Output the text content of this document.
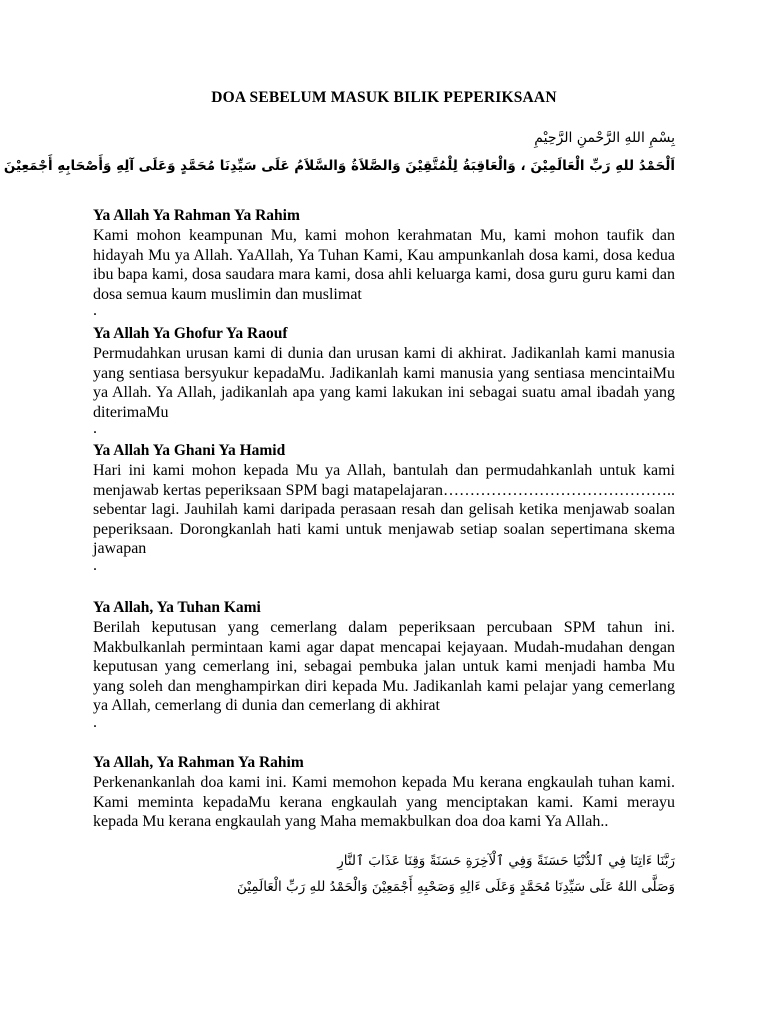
DOA SEBELUM MASUK BILIK PEPERIKSAAN
بِسْمِ اللهِ الرَّحْمنِ الرَّحِيْمِ
اَلْحَمْدُ للهِ رَبِّ الْعَالَمِيْنَ ، وَالْعَاقِبَةُ لِلْمُتَّقِيْنَ وَالصَّلاَةُ وَالسَّلاَمُ عَلَى سَيِّدِنَا مُحَمَّدٍ وَعَلَى آلِهِ وَأَصْحَابِهِ أَجْمَعِيْنَ
Ya Allah Ya Rahman Ya Rahim

Kami mohon keampunan Mu, kami mohon kerahmatan Mu, kami mohon taufik dan hidayah Mu ya Allah. YaAllah, Ya Tuhan Kami, Kau ampunkanlah dosa kami, dosa kedua ibu bapa kami, dosa saudara mara kami, dosa ahli keluarga kami, dosa guru guru kami dan dosa semua kaum muslimin dan muslimat

.

Ya Allah Ya Ghofur Ya Raouf

Permudahkan urusan kami di dunia dan urusan kami di akhirat. Jadikanlah kami manusia yang sentiasa bersyukur kepadaMu. Jadikanlah kami manusia yang sentiasa mencintaiMu ya Allah. Ya Allah, jadikanlah apa yang kami lakukan ini sebagai suatu amal ibadah yang diterimaMu

.

Ya Allah Ya Ghani Ya Hamid

Hari ini kami mohon kepada Mu ya Allah, bantulah dan permudahkanlah untuk kami menjawab kertas peperiksaan SPM bagi matapelajaran…………………………………….. sebentar lagi. Jauhilah kami daripada perasaan resah dan gelisah ketika menjawab soalan peperiksaan. Dorongkanlah hati kami untuk menjawab setiap soalan sepertimana skema jawapan

.

Ya Allah, Ya Tuhan Kami

Berilah keputusan yang cemerlang dalam peperiksaan percubaan SPM tahun ini. Makbulkanlah permintaan kami agar dapat mencapai kejayaan. Mudah-mudahan dengan keputusan yang cemerlang ini, sebagai pembuka jalan untuk kami menjadi hamba Mu yang soleh dan menghampirkan diri kepada Mu. Jadikanlah kami pelajar yang cemerlang ya Allah, cemerlang di dunia dan cemerlang di akhirat

.

Ya Allah, Ya Rahman Ya Rahim

Perkenankanlah doa kami ini. Kami memohon kepada Mu kerana engkaulah tuhan kami. Kami meminta kepadaMu kerana engkaulah yang menciptakan kami. Kami merayu kepada Mu kerana engkaulah yang Maha memakbulkan doa doa kami Ya Allah..

رَبَّنَا ءَاتِنَا فِي ٱلدُّنْيَا حَسَنَةً وَفِي ٱلْآخِرَةِ حَسَنَةً وَقِنَا عَذَابَ ٱلنَّارِ
وَصَلَّى اللهُ عَلَى سَيِّدِنَا مُحَمَّدٍ وَعَلَى ءَالِهِ وَصَحْبِهِ أَجْمَعِيْنَ وَالْحَمْدُ للهِ رَبِّ الْعَالَمِيْنَ
